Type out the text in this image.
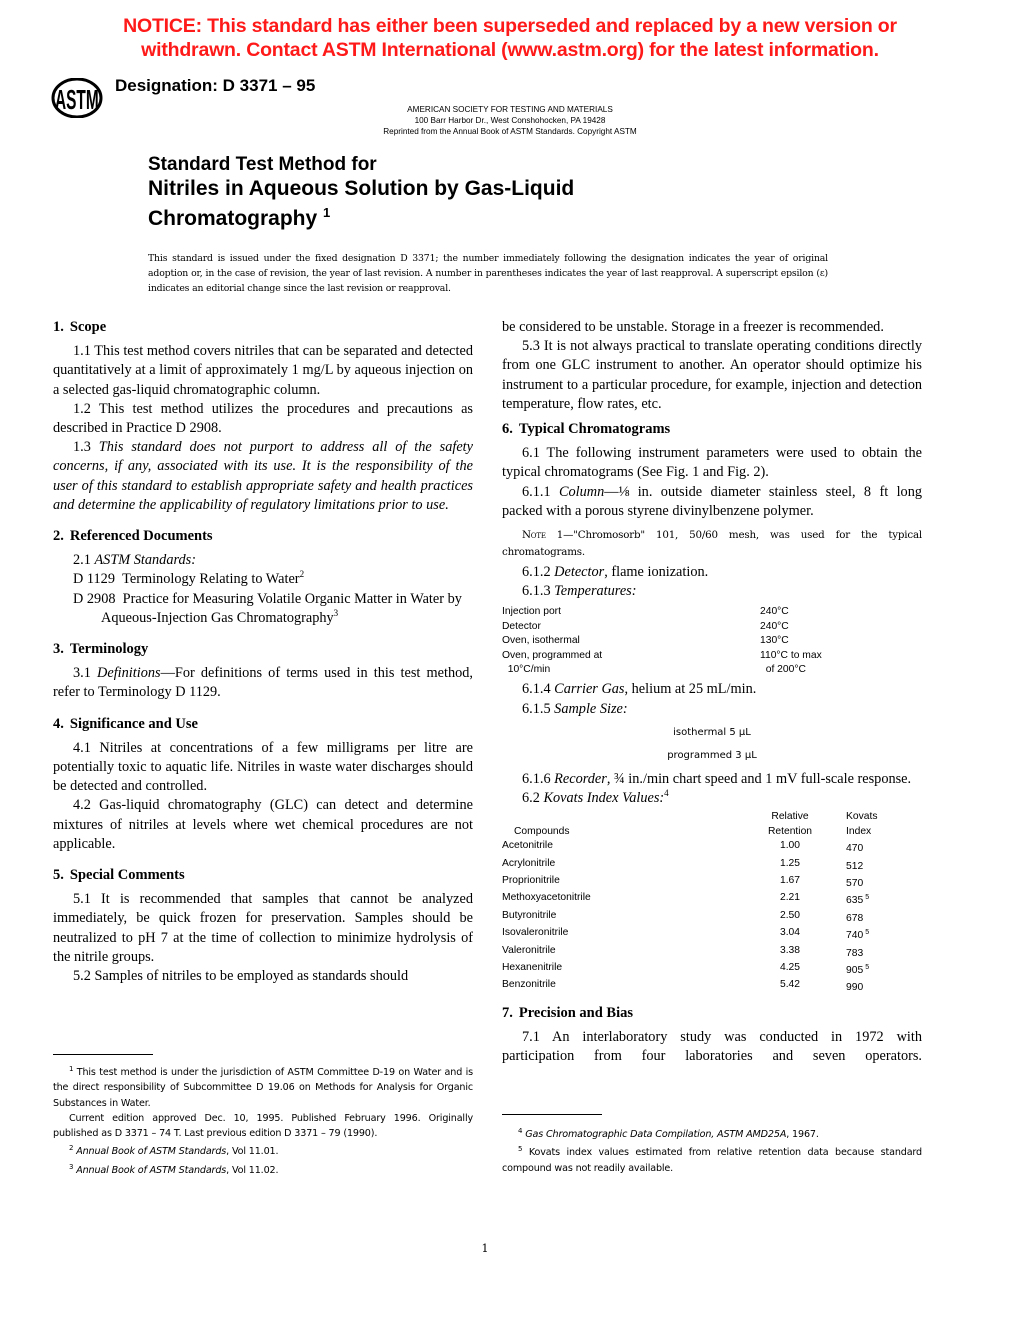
NOTICE: This standard has either been superseded and replaced by a new version or
withdrawn. Contact ASTM International (www.astm.org) for the latest information.
ASTM Designation: D 3371 – 95
AMERICAN SOCIETY FOR TESTING AND MATERIALS
100 Barr Harbor Dr., West Conshohocken, PA 19428
Reprinted from the Annual Book of ASTM Standards. Copyright ASTM
Standard Test Method for
Nitriles in Aqueous Solution by Gas-Liquid
Chromatography $^1$
This standard is issued under the fixed designation D 3371; the number immediately following the designation indicates the year of original adoption or, in the case of revision, the year of last revision. A number in parentheses indicates the year of last reapproval. A superscript epsilon (ε) indicates an editorial change since the last revision or reapproval.
1. Scope

1.1 This test method covers nitriles that can be separated and detected quantitatively at a limit of approximately 1 mg/L by aqueous injection on a selected gas-liquid chromatographic column.

1.2 This test method utilizes the procedures and precautions as described in Practice D 2908.

1.3 This standard does not purport to address all of the safety concerns, if any, associated with its use. It is the responsibility of the user of this standard to establish appropriate safety and health practices and determine the applicability of regulatory limitations prior to use.

2. Referenced Documents

2.1 ASTM Standards:

D 1129 Terminology Relating to Water$^2$

D 2908 Practice for Measuring Volatile Organic Matter in Water by Aqueous-Injection Gas Chromatography$^3$

3. Terminology

3.1 Definitions—For definitions of terms used in this test method, refer to Terminology D 1129.

4. Significance and Use

4.1 Nitriles at concentrations of a few milligrams per litre are potentially toxic to aquatic life. Nitriles in waste water discharges should be detected and controlled.

4.2 Gas-liquid chromatography (GLC) can detect and determine mixtures of nitriles at levels where wet chemical procedures are not applicable.

5. Special Comments

5.1 It is recommended that samples that cannot be analyzed immediately, be quick frozen for preservation. Samples should be neutralized to pH 7 at the time of collection to minimize hydrolysis of the nitrile groups.

5.2 Samples of nitriles to be employed as standards should

$^1$ This test method is under the jurisdiction of ASTM Committee D-19 on Water and is the direct responsibility of Subcommittee D 19.06 on Methods for Analysis for Organic Substances in Water.

Current edition approved Dec. 10, 1995. Published February 1996. Originally published as D 3371 – 74 T. Last previous edition D 3371 – 79 (1990).

$^2$ Annual Book of ASTM Standards, Vol 11.01.

$^3$ Annual Book of ASTM Standards, Vol 11.02.

be considered to be unstable. Storage in a freezer is recommended.

5.3 It is not always practical to translate operating conditions directly from one GLC instrument to another. An operator should optimize his instrument to a particular procedure, for example, injection and detection temperature, flow rates, etc.

6. Typical Chromatograms

6.1 The following instrument parameters were used to obtain the typical chromatograms (See Fig. 1 and Fig. 2).

6.1.1 Column—⅛ in. outside diameter stainless steel, 8 ft long packed with a porous styrene divinylbenzene polymer.

Note 1—"Chromosorb" 101, 50/60 mesh, was used for the typical chromatograms.

6.1.2 Detector, flame ionization.

6.1.3 Temperatures:

Injection port	240°C
Detector	240°C
Oven, isothermal	130°C
Oven, programmed at	110°C to max
10°C/min	of 200°C

6.1.4 Carrier Gas, helium at 25 mL/min.

6.1.5 Sample Size:

isothermal 5 μL
programmed 3 μL

6.1.6 Recorder, ¾ in./min chart speed and 1 mV full-scale response.

6.2 Kovats Index Values:$^4$

Compounds
Relative
Retention
Kovats
Index
Acetonitrile	1.00	470
Acrylonitrile	1.25	512
Proprionitrile	1.67	570
Methoxyacetonitrile	2.21	635 $^5$
Butyronitrile	2.50	678
Isovaleronitrile	3.04	740 $^5$
Valeronitrile	3.38	783
Hexanenitrile	4.25	905 $^5$
Benzonitrile	5.42	990
7. Precision and Bias

7.1 An interlaboratory study was conducted in 1972 with participation from four laboratories and seven operators.

$^4$ Gas Chromatographic Data Compilation, ASTM AMD25A, 1967.

$^5$ Kovats index values estimated from relative retention data because standard compound was not readily available.

1
